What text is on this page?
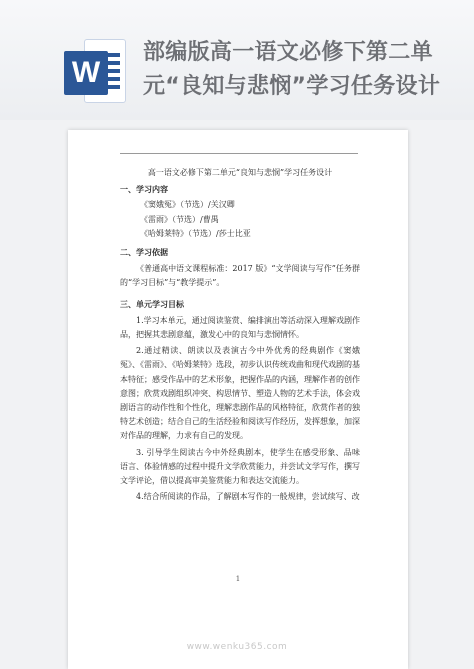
W
部编版高一语文必修下第二单元“良知与悲悯”学习任务设计
高一语文必修下第二单元“良知与悲悯”学习任务设计
一、学习内容
《窦娥冤》（节选）/关汉卿
《雷雨》（节选）/曹禺
《哈姆莱特》（节选）/莎士比亚
二、学习依据
《普通高中语文课程标准：2017 版》“文学阅读与写作”任务群的“学习目标”与“教学提示”。
三、单元学习目标
1.学习本单元，通过阅读鉴赏、编排演出等活动深入理解戏剧作品，把握其悲剧意蕴，激发心中的良知与悲悯情怀。
2.通过精读、朗读以及表演古今中外优秀的经典剧作《窦娥冤》、《雷雨》、《哈姆莱特》选段，初步认识传统戏曲和现代戏剧的基本特征；感受作品中的艺术形象，把握作品的内涵，理解作者的创作意图；欣赏戏剧组织冲突、构思情节、塑造人物的艺术手法，体会戏剧语言的动作性和个性化，理解悲剧作品的风格特征，欣赏作者的独特艺术创造；结合自己的生活经验和阅读写作经历，发挥想象，加深对作品的理解，力求有自己的发现。
3. 引导学生阅读古今中外经典剧本，使学生在感受形象、品味语言、体验情感的过程中提升文学欣赏能力，并尝试文学写作，撰写文学评论，借以提高审美鉴赏能力和表达交流能力。
4.结合所阅读的作品，了解剧本写作的一般规律，尝试续写、改
1
www.wenku365.com
